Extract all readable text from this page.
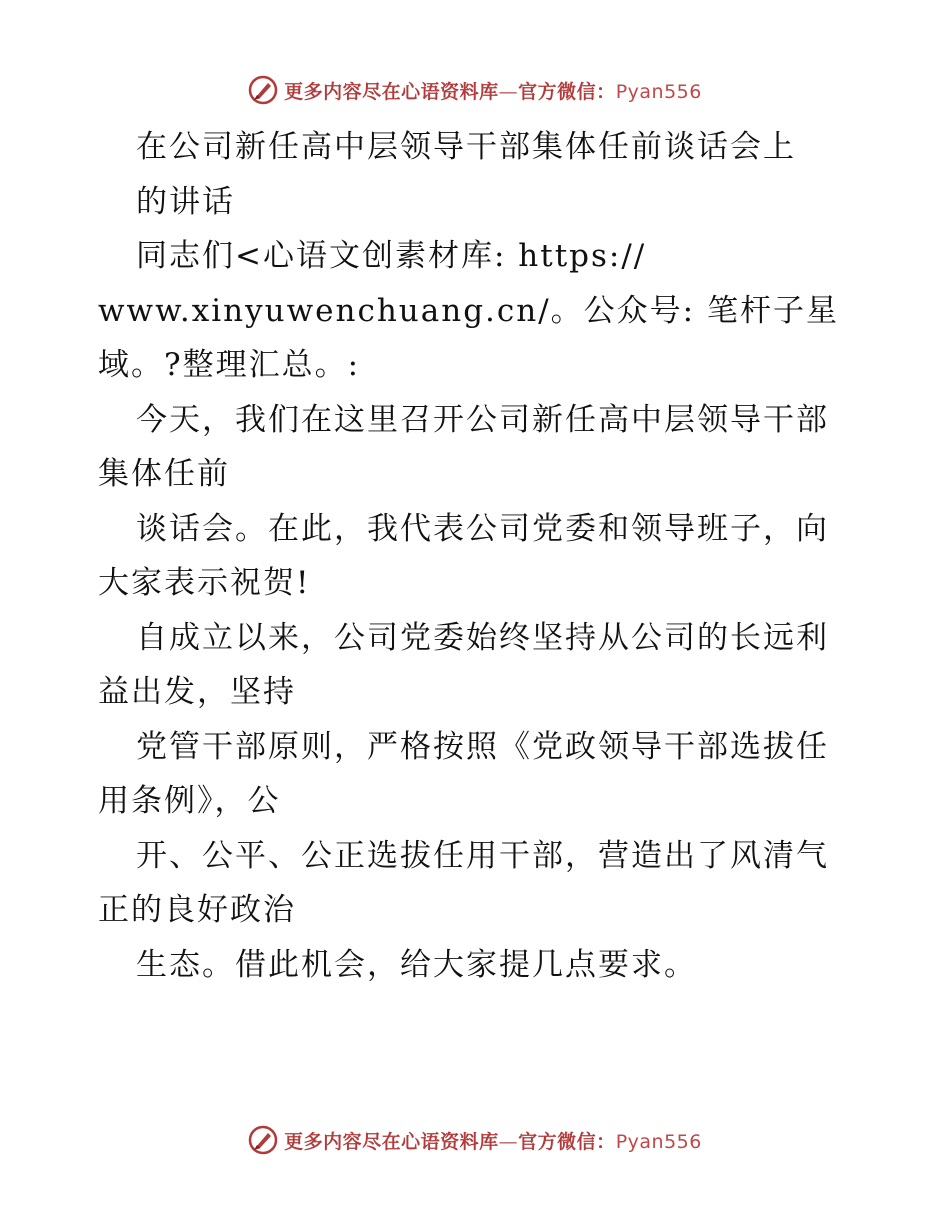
更多内容尽在心语资料库—官方微信：Pyan556
在公司新任高中层领导干部集体任前谈话会上
的讲话
同志们<心语文创素材库: https://
www.xinyuwenchuang.cn/。公众号: 笔杆子星
域。?整理汇总。:
今天，我们在这里召开公司新任高中层领导干部
集体任前
谈话会。在此，我代表公司党委和领导班子，向
大家表示祝贺!
自成立以来，公司党委始终坚持从公司的长远利
益出发，坚持
党管干部原则，严格按照《党政领导干部选拔任
用条例》，公
开、公平、公正选拔任用干部，营造出了风清气
正的良好政治
生态。借此机会，给大家提几点要求。
更多内容尽在心语资料库—官方微信：Pyan556
